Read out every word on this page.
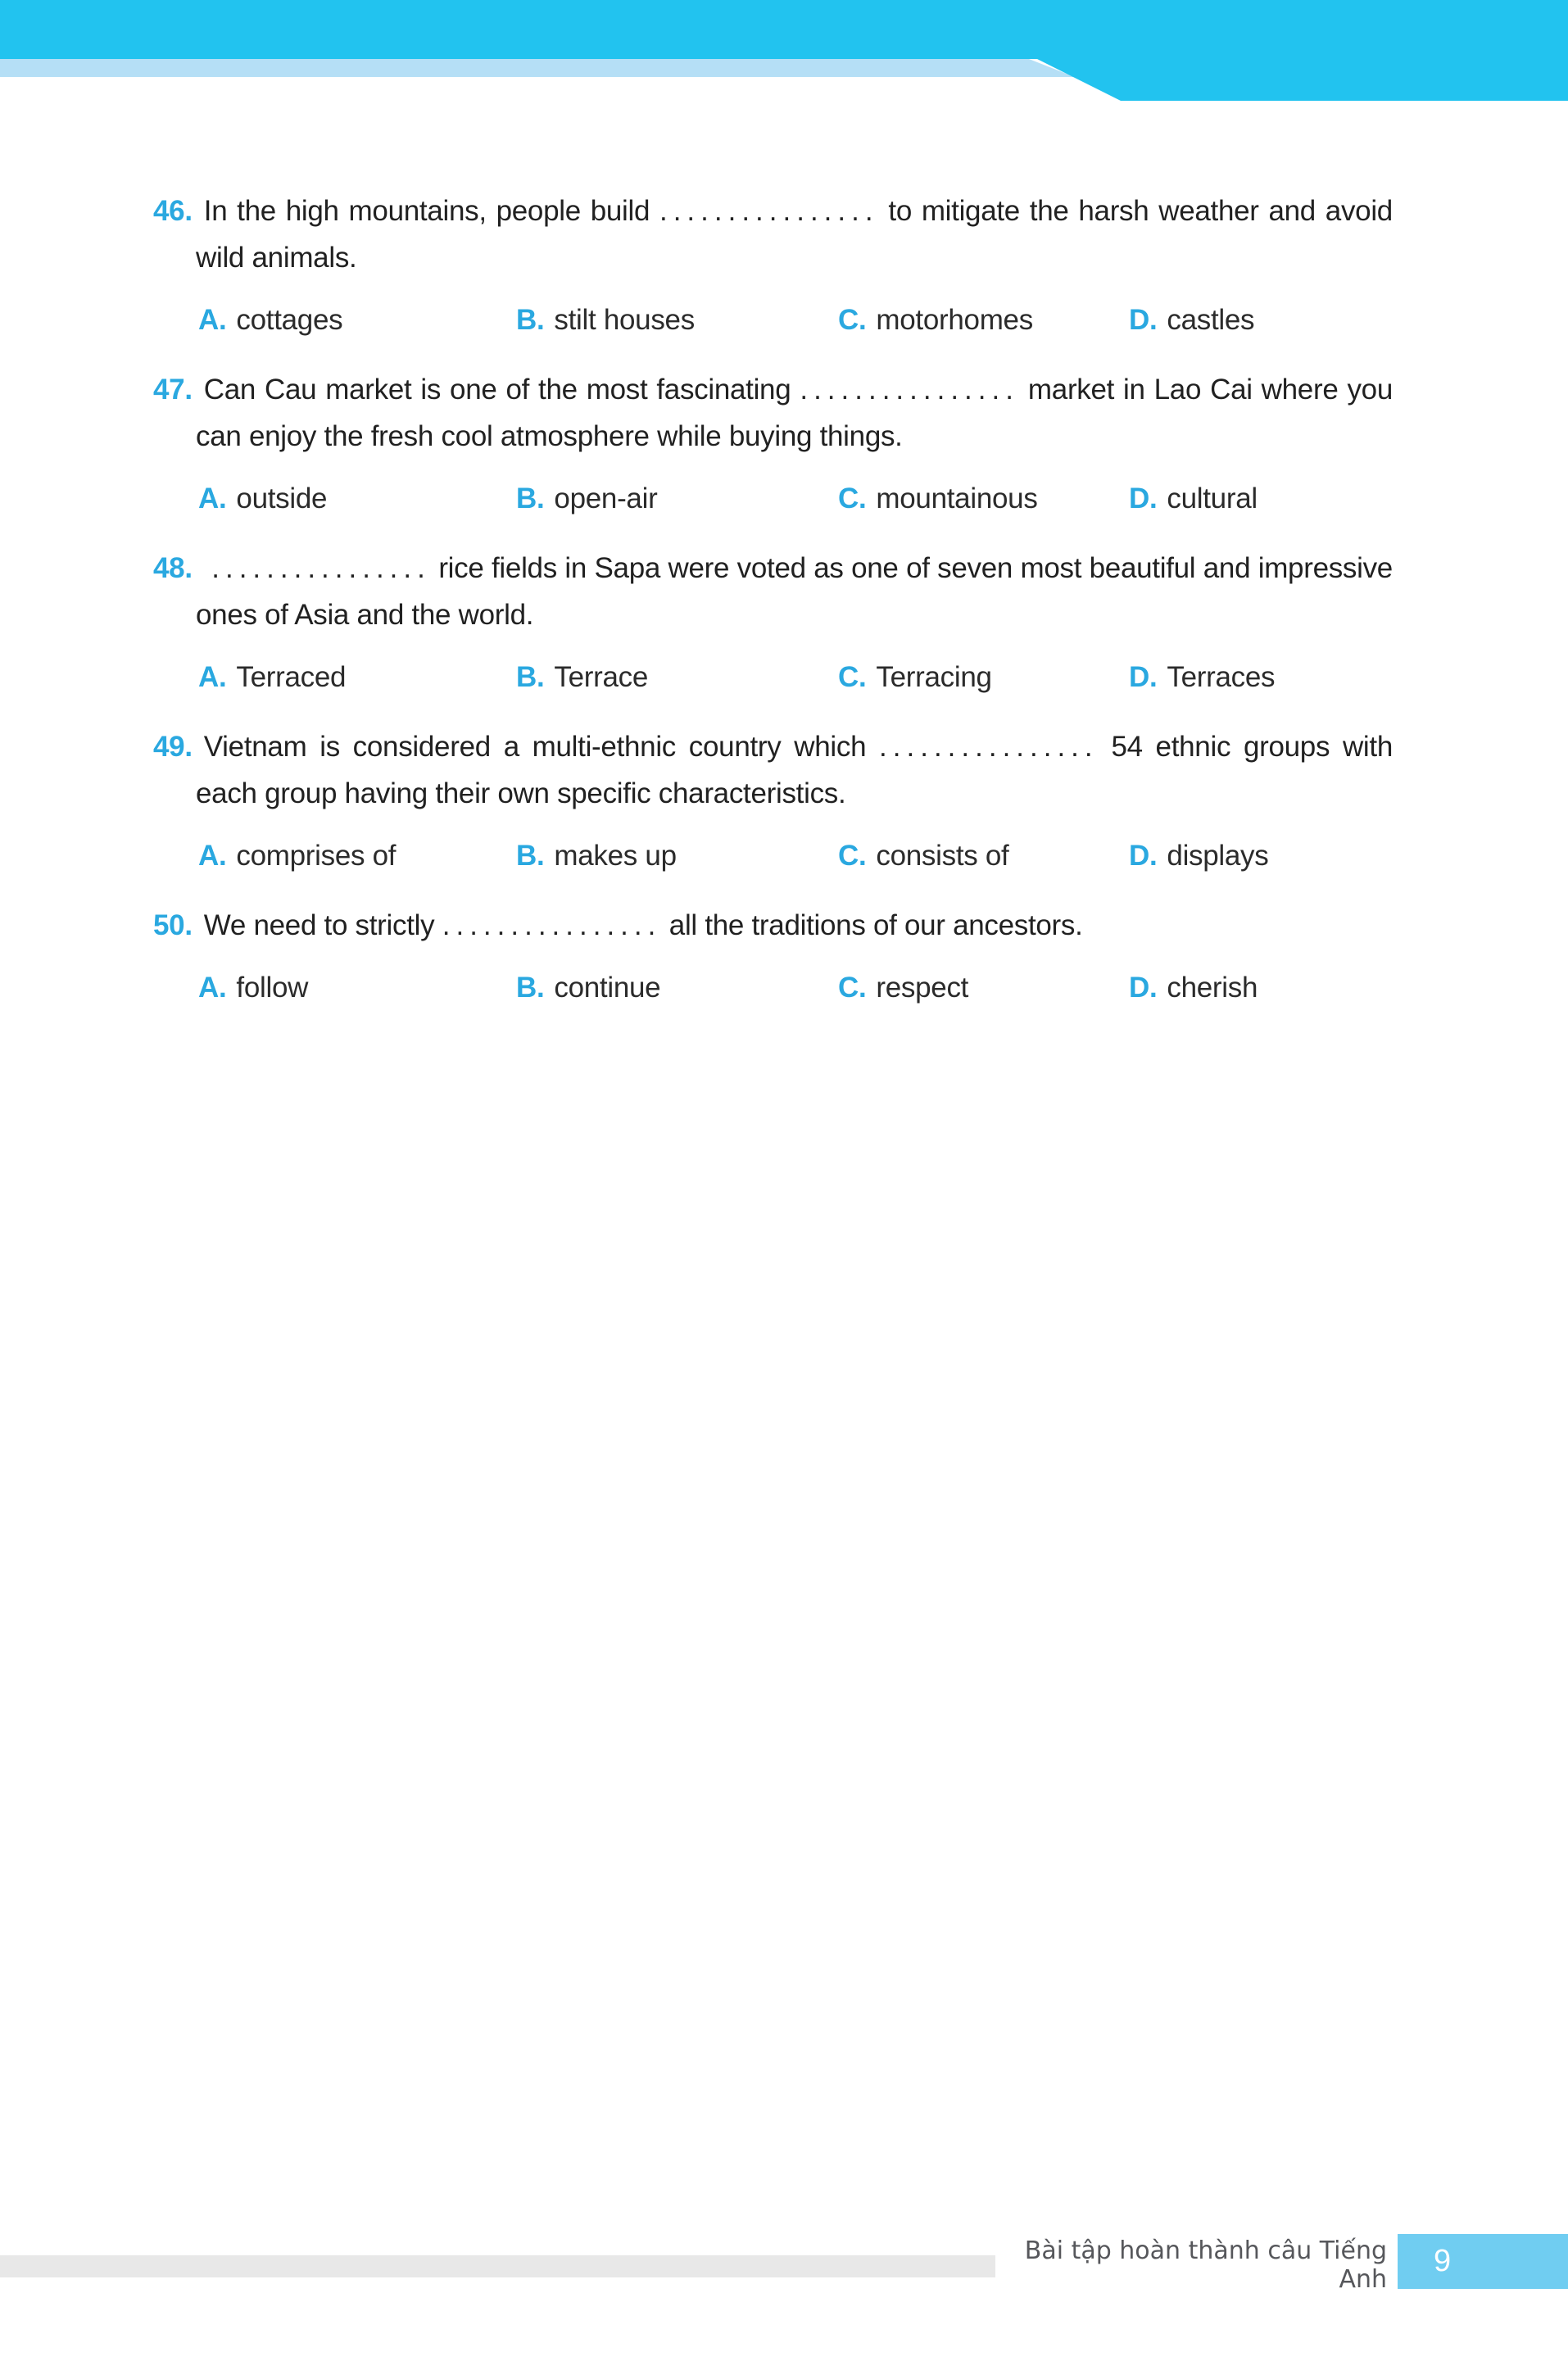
46. In the high mountains, people build ................ to mitigate the harsh weather and avoid wild animals.

A. cottages	B. stilt houses	C. motorhomes	D. castles

47. Can Cau market is one of the most fascinating ................ market in Lao Cai where you can enjoy the fresh cool atmosphere while buying things.

A. outside	B. open-air	C. mountainous	D. cultural

48. ................ rice fields in Sapa were voted as one of seven most beautiful and impressive ones of Asia and the world.

A. Terraced	B. Terrace	C. Terracing	D. Terraces

49. Vietnam is considered a multi-ethnic country which ................ 54 ethnic groups with each group having their own specific characteristics.

A. comprises of	B. makes up	C. consists of	D. displays

50. We need to strictly ................ all the traditions of our ancestors.

A. follow	B. continue	C. respect	D. cherish
Bài tập hoàn thành câu Tiếng Anh
9
